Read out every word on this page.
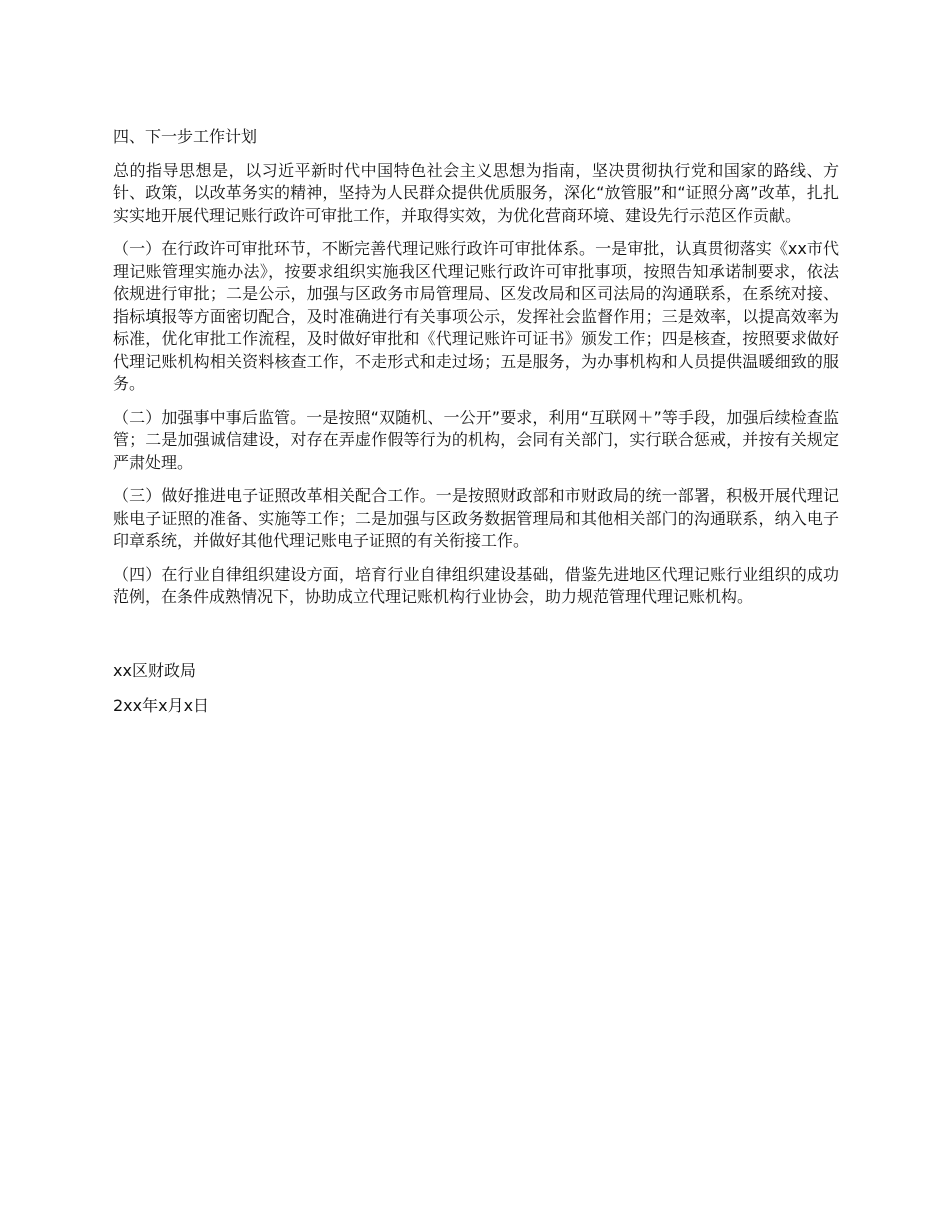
四、下一步工作计划

总的指导思想是，以习近平新时代中国特色社会主义思想为指南，坚决贯彻执行党和国家的路线、方针、政策，以改革务实的精神，坚持为人民群众提供优质服务，深化“放管服”和“证照分离”改革，扎扎实实地开展代理记账行政许可审批工作，并取得实效，为优化营商环境、建设先行示范区作贡献。

（一）在行政许可审批环节，不断完善代理记账行政许可审批体系。一是审批，认真贯彻落实《xx市代理记账管理实施办法》，按要求组织实施我区代理记账行政许可审批事项，按照告知承诺制要求，依法依规进行审批；二是公示，加强与区政务市局管理局、区发改局和区司法局的沟通联系，在系统对接、指标填报等方面密切配合，及时准确进行有关事项公示，发挥社会监督作用；三是效率，以提高效率为标准，优化审批工作流程，及时做好审批和《代理记账许可证书》颁发工作；四是核查，按照要求做好代理记账机构相关资料核查工作，不走形式和走过场；五是服务，为办事机构和人员提供温暖细致的服务。

（二）加强事中事后监管。一是按照“双随机、一公开”要求，利用“互联网＋”等手段，加强后续检查监管；二是加强诚信建设，对存在弄虚作假等行为的机构，会同有关部门，实行联合惩戒，并按有关规定严肃处理。

（三）做好推进电子证照改革相关配合工作。一是按照财政部和市财政局的统一部署，积极开展代理记账电子证照的准备、实施等工作；二是加强与区政务数据管理局和其他相关部门的沟通联系，纳入电子印章系统，并做好其他代理记账电子证照的有关衔接工作。

（四）在行业自律组织建设方面，培育行业自律组织建设基础，借鉴先进地区代理记账行业组织的成功范例，在条件成熟情况下，协助成立代理记账机构行业协会，助力规范管理代理记账机构。

xx区财政局

2xx年x月x日
